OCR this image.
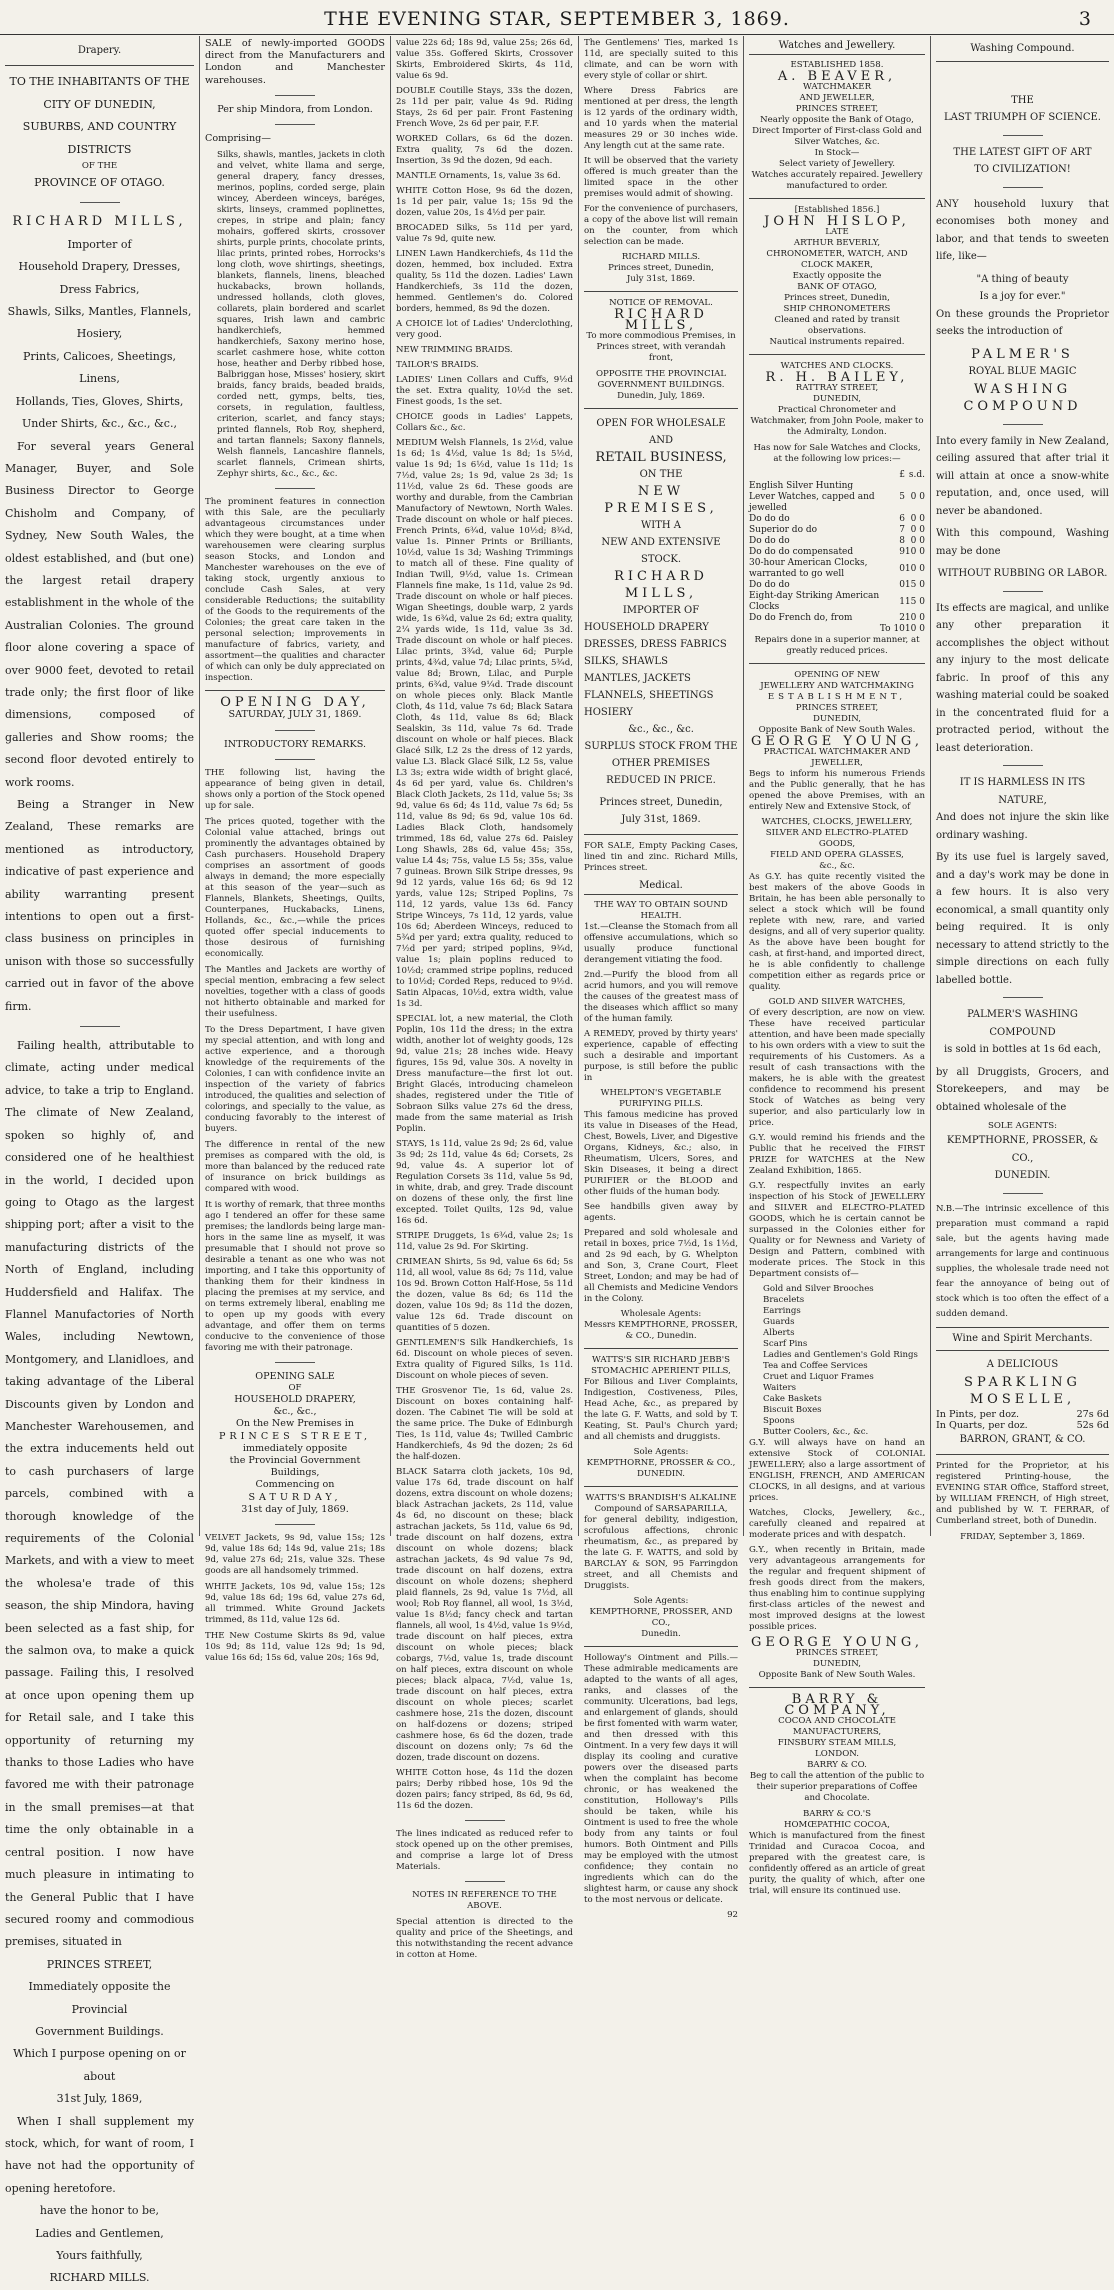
THE EVENING STAR, SEPTEMBER 3, 1869.	3
Drapery.
TO THE INHABITANTS OF THE
CITY OF DUNEDIN,
SUBURBS, AND COUNTRY DISTRICTS
OF THE
PROVINCE OF OTAGO.
RICHARD MILLS,
Importer of
Household Drapery, Dresses, Dress Fabrics,
Shawls, Silks, Mantles, Flannels, Hosiery,
Prints, Calicoes, Sheetings, Linens,
Hollands, Ties, Gloves, Shirts,
Under Shirts, &c., &c., &c.,

For several years General Manager, Buyer, and Sole Business Director to George Chisholm and Company, of Sydney, New South Wales, the oldest established, and (but one) the largest retail drapery establishment in the whole of the Australian Colonies. The ground floor alone covering a space of over 9000 feet, devoted to retail trade only; the first floor of like dimensions, composed of galleries and Show rooms; the second floor devoted entirely to work rooms.

Being a Stranger in New Zealand, These remarks are mentioned as introductory, indicative of past experience and ability warranting present intentions to open out a first-class business on principles in unison with those so successfully carried out in favor of the above firm.

Failing health, attributable to climate, acting under medical advice, to take a trip to England. The climate of New Zealand, spoken so highly of, and considered one of he healthiest in the world, I decided upon going to Otago as the largest shipping port; after a visit to the manufacturing districts of the North of England, including Huddersfield and Halifax. The Flannel Manufactories of North Wales, including Newtown, Montgomery, and Llanidloes, and taking advantage of the Liberal Discounts given by London and Manchester Warehousemen, and the extra inducements held out to cash purchasers of large parcels, combined with a thorough knowledge of the requirements of the Colonial Markets, and with a view to meet the wholesa'e trade of this season, the ship Mindora, having been selected as a fast ship, for the salmon ova, to make a quick passage. Failing this, I resolved at once upon opening them up for Retail sale, and I take this opportunity of returning my thanks to those Ladies who have favored me with their patronage in the small premises—at that time the only obtainable in a central position. I now have much pleasure in intimating to the General Public that I have secured roomy and commodious premises, situated in

PRINCES STREET,
Immediately opposite the Provincial
Government Buildings.
Which I purpose opening on or about
31st July, 1869,

When I shall supplement my stock, which, for want of room, I have not had the opportunity of opening heretofore.

have the honor to be,
Ladies and Gentlemen,
Yours faithfully,
RICHARD MILLS.

SALE of newly-imported GOODS direct from the Manufacturers and London and Manchester warehouses.

Per ship Mindora, from London.

Comprising—

Silks, shawls, mantles, jackets in cloth and velvet, white llama and serge, general drapery, fancy dresses, merinos, poplins, corded serge, plain wincey, Aberdeen winceys, baréges, skirts, linseys, crammed poplinettes, crepes, in stripe and plain; fancy mohairs, goffered skirts, crossover shirts, purple prints, chocolate prints, lilac prints, printed robes, Horrocks's long cloth, wove shirtings, sheetings, blankets, flannels, linens, bleached huckabacks, brown hollands, undressed hollands, cloth gloves, collarets, plain bordered and scarlet squares, Irish lawn and cambric handkerchiefs, hemmed handkerchiefs, Saxony merino hose, scarlet cashmere hose, white cotton hose, heather and Derby ribbed hose, Balbriggan hose, Misses' hosiery, skirt braids, fancy braids, beaded braids, corded nett, gymps, belts, ties, corsets, in regulation, faultless, criterion, scarlet, and fancy stays; printed flannels, Rob Roy, shepherd, and tartan flannels; Saxony flannels, Welsh flannels, Lancashire flannels, scarlet flannels, Crimean shirts, Zephyr shirts, &c., &c., &c.

The prominent features in connection with this Sale, are the peculiarly advantageous circumstances under which they were bought, at a time when warehousemen were clearing surplus season Stocks, and London and Manchester warehouses on the eve of taking stock, urgently anxious to conclude Cash Sales, at very considerable Reductions; the suitability of the Goods to the requirements of the Colonies; the great care taken in the personal selection; improvements in manufacture of fabrics, variety, and assortment—the qualities and character of which can only be duly appreciated on inspection.

OPENING DAY,
SATURDAY, JULY 31, 1869.
INTRODUCTORY REMARKS.

THE following list, having the appearance of being given in detail, shows only a portion of the Stock opened up for sale.

The prices quoted, together with the Colonial value attached, brings out prominently the advantages obtained by Cash purchasers. Household Drapery comprises an assortment of goods always in demand; the more especially at this season of the year—such as Flannels, Blankets, Sheetings, Quilts, Counterpanes, Huckabacks, Linens, Hollands, &c., &c.,—while the prices quoted offer special inducements to those desirous of furnishing economically.

The Mantles and Jackets are worthy of special mention, embracing a few select novelties, together with a class of goods not hitherto obtainable and marked for their usefulness.

To the Dress Department, I have given my special attention, and with long and active experience, and a thorough knowledge of the requirements of the Colonies, I can with confidence invite an inspection of the variety of fabrics introduced, the qualities and selection of colorings, and specially to the value, as conducing favorably to the interest of buyers.

The difference in rental of the new premises as compared with the old, is more than balanced by the reduced rate of insurance on brick buildings as compared with wood.

It is worthy of remark, that three months ago I tendered an offer for these same premises; the landlords being large man-hors in the same line as myself, it was presumable that I should not prove so desirable a tenant as one who was not importing, and I take this opportunity of thanking them for their kindness in placing the premises at my service, and on terms extremely liberal, enabling me to open up my goods with every advantage, and offer them on terms conducive to the convenience of those favoring me with their patronage.

OPENING SALE
OF
HOUSEHOLD DRAPERY,
&c., &c.,
On the New Premises in
PRINCES STREET,
immediately opposite
the Provincial Government Buildings,
Commencing on
SATURDAY,
31st day of July, 1869.

VELVET Jackets, 9s 9d, value 15s; 12s 9d, value 18s 6d; 14s 9d, value 21s; 18s 9d, value 27s 6d; 21s, value 32s. These goods are all handsomely trimmed.

WHITE Jackets, 10s 9d, value 15s; 12s 9d, value 18s 6d; 19s 6d, value 27s 6d, all trimmed. White Ground Jackets trimmed, 8s 11d, value 12s 6d.

THE New Costume Skirts 8s 9d, value 10s 9d; 8s 11d, value 12s 9d; 1s 9d, value 16s 6d; 15s 6d, value 20s; 16s 9d,

value 22s 6d; 18s 9d, value 25s; 26s 6d, value 35s. Goffered Skirts, Crossover Skirts, Embroidered Skirts, 4s 11d, value 6s 9d.

DOUBLE Coutille Stays, 33s the dozen, 2s 11d per pair, value 4s 9d. Riding Stays, 2s 6d per pair. Front Fastening French Wove, 2s 6d per pair, F.F.

WORKED Collars, 6s 6d the dozen. Extra quality, 7s 6d the dozen. Insertion, 3s 9d the dozen, 9d each.

MANTLE Ornaments, 1s, value 3s 6d.

WHITE Cotton Hose, 9s 6d the dozen, 1s 1d per pair, value 1s; 15s 9d the dozen, value 20s, 1s 4½d per pair.

BROCADED Silks, 5s 11d per yard, value 7s 9d, quite new.

LINEN Lawn Handkerchiefs, 4s 11d the dozen, hemmed, box included. Extra quality, 5s 11d the dozen. Ladies' Lawn Handkerchiefs, 3s 11d the dozen, hemmed. Gentlemen's do. Colored borders, hemmed, 8s 9d the dozen.

A CHOICE lot of Ladies' Underclothing, very good.

NEW TRIMMING BRAIDS.

TAILOR'S BRAIDS.

LADIES' Linen Collars and Cuffs, 9½d the set. Extra quality, 10½d the set. Finest goods, 1s the set.

CHOICE goods in Ladies' Lappets, Collars &c., &c.

MEDIUM Welsh Flannels, 1s 2½d, value 1s 6d; 1s 4½d, value 1s 8d; 1s 5½d, value 1s 9d; 1s 6½d, value 1s 11d; 1s 7½d, value 2s; 1s 9d, value 2s 3d; 1s 11½d, value 2s 6d. These goods are worthy and durable, from the Cambrian Manufactory of Newtown, North Wales. Trade discount on whole or half pieces. French Prints, 6¾d, value 10½d; 8¾d, value 1s. Pinner Prints or Brilliants, 10½d, value 1s 3d; Washing Trimmings to match all of these. Fine quality of Indian Twill, 9½d, value 1s. Crimean Flannels fine make, 1s 11d, value 2s 9d. Trade discount on whole or half pieces. Wigan Sheetings, double warp, 2 yards wide, 1s 6¾d, value 2s 6d; extra quality, 2¼ yards wide, 1s 11d, value 3s 3d. Trade discount on whole or half pieces. Lilac prints, 3¾d, value 6d; Purple prints, 4¾d, value 7d; Lilac prints, 5¾d, value 8d; Brown, Lilac, and Purple prints, 6¾d, value 9¼d. Trade discount on whole pieces only. Black Mantle Cloth, 4s 11d, value 7s 6d; Black Satara Cloth, 4s 11d, value 8s 6d; Black Sealskin, 3s 11d, value 7s 6d. Trade discount on whole or half pieces. Black Glacé Silk, L2 2s the dress of 12 yards, value L3. Black Glacé Silk, L2 5s, value L3 3s; extra wide width of bright glacé, 4s 6d per yard, value 6s. Children's Black Cloth Jackets, 2s 11d, value 5s; 3s 9d, value 6s 6d; 4s 11d, value 7s 6d; 5s 11d, value 8s 9d; 6s 9d, value 10s 6d. Ladies Black Cloth, handsomely trimmed, 18s 6d, value 27s 6d. Paisley Long Shawls, 28s 6d, value 45s; 35s, value L4 4s; 75s, value L5 5s; 35s, value 7 guineas. Brown Silk Stripe dresses, 9s 9d 12 yards, value 16s 6d; 6s 9d 12 yards, value 12s; Striped Poplins, 7s 11d, 12 yards, value 13s 6d. Fancy Stripe Winceys, 7s 11d, 12 yards, value 10s 6d; Aberdeen Winceys, reduced to 5¾d per yard; extra quality, reduced to 7½d per yard; striped poplins, 9¾d, value 1s; plain poplins reduced to 10½d; crammed stripe poplins, reduced to 10½d; Corded Reps, reduced to 9½d. Satin Alpacas, 10½d, extra width, value 1s 3d.

SPECIAL lot, a new material, the Cloth Poplin, 10s 11d the dress; in the extra width, another lot of weighty goods, 12s 9d, value 21s; 28 inches wide. Heavy figures, 15s 9d, value 30s. A novelty in Dress manufacture—the first lot out. Bright Glacés, introducing chameleon shades, registered under the Title of Sobraon Silks value 27s 6d the dress, made from the same material as Irish Poplin.

STAYS, 1s 11d, value 2s 9d; 2s 6d, value 3s 9d; 2s 11d, value 4s 6d; Corsets, 2s 9d, value 4s. A superior lot of Regulation Corsets 3s 11d, value 5s 9d, in white, drab, and grey. Trade discount on dozens of these only, the first line excepted. Toilet Quilts, 12s 9d, value 16s 6d.

STRIPE Druggets, 1s 6¾d, value 2s; 1s 11d, value 2s 9d. For Skirting.

CRIMEAN Shirts, 5s 9d, value 6s 6d; 5s 11d, all wool, value 8s 6d; 7s 11d, value 10s 9d. Brown Cotton Half-Hose, 5s 11d the dozen, value 8s 6d; 6s 11d the dozen, value 10s 9d; 8s 11d the dozen, value 12s 6d. Trade discount on quantities of 5 dozen.

GENTLEMEN'S Silk Handkerchiefs, 1s 6d. Discount on whole pieces of seven. Extra quality of Figured Silks, 1s 11d. Discount on whole pieces of seven.

THE Grosvenor Tie, 1s 6d, value 2s. Discount on boxes containing half-dozen. The Cabinet Tie will be sold at the same price. The Duke of Edinburgh Ties, 1s 11d, value 4s; Twilled Cambric Handkerchiefs, 4s 9d the dozen; 2s 6d the half-dozen.

BLACK Satarra cloth jackets, 10s 9d, value 17s 6d, trade discount on half dozens, extra discount on whole dozens; black Astrachan jackets, 2s 11d, value 4s 6d, no discount on these; black astrachan jackets, 5s 11d, value 6s 9d, trade discount on half dozens, extra discount on whole dozens; black astrachan jackets, 4s 9d value 7s 9d, trade discount on half dozens, extra discount on whole dozens; shepherd plaid flannels, 2s 9d, value 1s 7½d, all wool; Rob Roy flannel, all wool, 1s 3½d, value 1s 8½d; fancy check and tartan flannels, all wool, 1s 4½d, value 1s 9½d, trade discount on half pieces, extra discount on whole pieces; black cobargs, 7½d, value 1s, trade discount on half pieces, extra discount on whole pieces; black alpaca, 7½d, value 1s, trade discount on half pieces, extra discount on whole pieces; scarlet cashmere hose, 21s the dozen, discount on half-dozens or dozens; striped cashmere hose, 6s 6d the dozen, trade discount on dozens only; 7s 6d the dozen, trade discount on dozens.

WHITE Cotton hose, 4s 11d the dozen pairs; Derby ribbed hose, 10s 9d the dozen pairs; fancy striped, 8s 6d, 9s 6d, 11s 6d the dozen.

The lines indicated as reduced refer to stock opened up on the other premises, and comprise a large lot of Dress Materials.

NOTES IN REFERENCE TO THE ABOVE.

Special attention is directed to the quality and price of the Sheetings, and this notwithstanding the recent advance in cotton at Home.

The Gentlemens' Ties, marked 1s 11d, are specially suited to this climate, and can be worn with every style of collar or shirt.

Where Dress Fabrics are mentioned at per dress, the length is 12 yards of the ordinary width, and 10 yards when the material measures 29 or 30 inches wide. Any length cut at the same rate.

It will be observed that the variety offered is much greater than the limited space in the other premises would admit of showing.

For the convenience of purchasers, a copy of the above list will remain on the counter, from which selection can be made.

RICHARD MILLS.
Princes street, Dunedin,
July 31st, 1869.
NOTICE OF REMOVAL.
RICHARD MILLS,

To more commodious Premises, in Princes street, with verandah front,

OPPOSITE THE PROVINCIAL
GOVERNMENT BUILDINGS.
Dunedin, July, 1869.
OPEN FOR WHOLESALE AND
RETAIL BUSINESS,
ON THE
NEW PREMISES,
WITH A
NEW AND EXTENSIVE STOCK.
RICHARD MILLS,
IMPORTER OF
HOUSEHOLD DRAPERY
DRESSES, DRESS FABRICS
SILKS, SHAWLS
MANTLES, JACKETS
FLANNELS, SHEETINGS
HOSIERY
&c., &c., &c.

SURPLUS STOCK FROM THE OTHER PREMISES REDUCED IN PRICE.

Princes street, Dunedin,
July 31st, 1869.

FOR SALE, Empty Packing Cases, lined tin and zinc. Richard Mills, Princes street.

Medical.
THE WAY TO OBTAIN SOUND HEALTH.

1st.—Cleanse the Stomach from all offensive accumulations, which so usually produce functional derangement vitiating the food.

2nd.—Purify the blood from all acrid humors, and you will remove the causes of the greatest mass of the diseases which afflict so many of the human family.

A REMEDY, proved by thirty years' experience, capable of effecting such a desirable and important purpose, is still before the public in

WHELPTON'S VEGETABLE PURIFYING PILLS.

This famous medicine has proved its value in Diseases of the Head, Chest, Bowels, Liver, and Digestive Organs, Kidneys, &c.; also, in Rheumatism, Ulcers, Sores, and Skin Diseases, it being a direct PURIFIER or the BLOOD and other fluids of the human body.

See handbills given away by agents.

Prepared and sold wholesale and retail in boxes, price 7½d, 1s 1½d, and 2s 9d each, by G. Whelpton and Son, 3, Crane Court, Fleet Street, London; and may be had of all Chemists and Medicine Vendors in the Colony.

Wholesale Agents:
Messrs KEMPTHORNE, PROSSER, & CO., Dunedin.
WATTS'S SIR RICHARD JEBB'S STOMACHIC APERIENT PILLS,

For Bilious and Liver Complaints, Indigestion, Costiveness, Piles, Head Ache, &c., as prepared by the late G. F. Watts, and sold by T. Keating, St. Paul's Church yard; and all chemists and druggists.

Sole Agents:
KEMPTHORNE, PROSSER & CO.,
DUNEDIN.
WATTS'S BRANDISH'S ALKALINE Compound of SARSAPARILLA,

for general debility, indigestion, scrofulous affections, chronic rheumatism, &c., as prepared by the late G. F. WATTS, and sold by BARCLAY & SON, 95 Farringdon street, and all Chemists and Druggists.

Sole Agents:
KEMPTHORNE, PROSSER, AND CO.,
Dunedin.

Holloway's Ointment and Pills.—These admirable medicaments are adapted to the wants of all ages, ranks, and classes of the community. Ulcerations, bad legs, and enlargement of glands, should be first fomented with warm water, and then dressed with this Ointment. In a very few days it will display its cooling and curative powers over the diseased parts when the complaint has become chronic, or has weakened the constitution, Holloway's Pills should be taken, while his Ointment is used to free the whole body from any taints or foul humors. Both Ointment and Pills may be employed with the utmost confidence; they contain no ingredients which can do the slightest harm, or cause any shock to the most nervous or delicate.

92
Watches and Jewellery.
ESTABLISHED 1858.
A. BEAVER,
WATCHMAKER
AND JEWELLER,
PRINCES STREET,
Nearly opposite the Bank of Otago,
Direct Importer of First-class Gold and Silver Watches, &c.
In Stock—
Select variety of Jewellery.

Watches accurately repaired. Jewellery manufactured to order.

[Established 1856.]
JOHN HISLOP,
LATE
ARTHUR BEVERLY,
CHRONOMETER, WATCH, AND CLOCK MAKER,
Exactly opposite the
BANK OF OTAGO,
Princes street, Dunedin,
SHIP CHRONOMETERS
Cleaned and rated by transit observations.
Nautical instruments repaired.
WATCHES AND CLOCKS.
R. H. BAILEY,
RATTRAY STREET,
DUNEDIN,

Practical Chronometer and Watchmaker, from John Poole, maker to the Admiralty, London.

Has now for Sale Watches and Clocks, at the following low prices:—

	£	s.	d.
English Silver Hunting Lever Watches, capped and jewelled	5	0	0
Do do do	6	0	0
Superior do do	7	0	0
Do do do	8	0	0
Do do do compensated	9	10	0
30-hour American Clocks, warranted to go well	0	10	0
Do do do	0	15	0
Eight-day Striking American Clocks	1	15	0
Do do French do, from	2	10	0
	To 10	10	0

Repairs done in a superior manner, at greatly reduced prices.

OPENING OF NEW
JEWELLERY AND WATCHMAKING
ESTABLISHMENT,
PRINCES STREET,
DUNEDIN,
Opposite Bank of New South Wales.
GEORGE YOUNG,
PRACTICAL WATCHMAKER AND JEWELLER,

Begs to inform his numerous Friends and the Public generally, that he has opened the above Premises, with an entirely New and Extensive Stock, of

WATCHES, CLOCKS, JEWELLERY,
SILVER AND ELECTRO-PLATED GOODS,
FIELD AND OPERA GLASSES,
&c., &c.

As G.Y. has quite recently visited the best makers of the above Goods in Britain, he has been able personally to select a stock which will be found replete with new, rare, and varied designs, and all of very superior quality. As the above have been bought for cash, at first-hand, and imported direct, he is able confidently to challenge competition either as regards price or quality.

GOLD AND SILVER WATCHES,

Of every description, are now on view. These have received particular attention, and have been made specially to his own orders with a view to suit the requirements of his Customers. As a result of cash transactions with the makers, he is able with the greatest confidence to recommend his present Stock of Watches as being very superior, and also particularly low in price.

G.Y. would remind his friends and the Public that he received the FIRST PRIZE for WATCHES at the New Zealand Exhibition, 1865.

G.Y. respectfully invites an early inspection of his Stock of JEWELLERY and SILVER and ELECTRO-PLATED GOODS, which he is certain cannot be surpassed in the Colonies either for Quality or for Newness and Variety of Design and Pattern, combined with moderate prices. The Stock in this Department consists of—

Gold and Silver Brooches
Bracelets
Earrings
Guards
Alberts
Scarf Pins
Ladies and Gentlemen's Gold Rings
Tea and Coffee Services
Cruet and Liquor Frames
Waiters
Cake Baskets
Biscuit Boxes
Spoons
Butter Coolers, &c., &c.

G.Y. will always have on hand an extensive Stock of COLONIAL JEWELLERY; also a large assortment of ENGLISH, FRENCH, AND AMERICAN CLOCKS, in all designs, and at various prices.

Watches, Clocks, Jewellery, &c., carefully cleaned and repaired at moderate prices and with despatch.

G.Y., when recently in Britain, made very advantageous arrangements for the regular and frequent shipment of fresh goods direct from the makers, thus enabling him to continue supplying first-class articles of the newest and most improved designs at the lowest possible prices.

GEORGE YOUNG,
PRINCES STREET,
DUNEDIN,
Opposite Bank of New South Wales.
BARRY & COMPANY,
COCOA AND CHOCOLATE MANUFACTURERS,
FINSBURY STEAM MILLS,
LONDON.
BARRY & CO.

Beg to call the attention of the public to their superior preparations of Coffee and Chocolate.

BARRY & CO.'S
HOMŒPATHIC COCOA,

Which is manufactured from the finest Trinidad and Curacoa Cocoa, and prepared with the greatest care, is confidently offered as an article of great purity, the quality of which, after one trial, will ensure its continued use.

Washing Compound.
THE
LAST TRIUMPH OF SCIENCE.
THE LATEST GIFT OF ART
TO CIVILIZATION!

ANY household luxury that economises both money and labor, and that tends to sweeten life, like—

"A thing of beauty
Is a joy for ever."

On these grounds the Proprietor seeks the introduction of

PALMER'S
ROYAL BLUE MAGIC
WASHING COMPOUND

Into every family in New Zealand, ceiling assured that after trial it will attain at once a snow-white reputation, and, once used, will never be abandoned.

With this compound, Washing may be done

WITHOUT RUBBING OR LABOR.

Its effects are magical, and unlike any other preparation it accomplishes the object without any injury to the most delicate fabric. In proof of this any washing material could be soaked in the concentrated fluid for a protracted period, without the least deterioration.

IT IS HARMLESS IN ITS
NATURE,

And does not injure the skin like ordinary washing.

By its use fuel is largely saved, and a day's work may be done in a few hours. It is also very economical, a small quantity only being required. It is only necessary to attend strictly to the simple directions on each fully labelled bottle.

PALMER'S WASHING COMPOUND

is sold in bottles at 1s 6d each,

by all Druggists, Grocers, and Storekeepers, and may be obtained wholesale of the

SOLE AGENTS:
KEMPTHORNE, PROSSER, & CO.,
DUNEDIN.

N.B.—The intrinsic excellence of this preparation must command a rapid sale, but the agents having made arrangements for large and continuous supplies, the wholesale trade need not fear the annoyance of being out of stock which is too often the effect of a sudden demand.

Wine and Spirit Merchants.
A DELICIOUS
SPARKLING MOSELLE,
In Pints, per doz.	27s 6d
In Quarts, per doz.	52s 6d
BARRON, GRANT, & CO.

Printed for the Proprietor, at his registered Printing-house, the EVENING STAR Office, Stafford street, by WILLIAM FRENCH, of High street, and published by W. T. FERRAR, of Cumberland street, both of Dunedin.

FRIDAY, September 3, 1869.
